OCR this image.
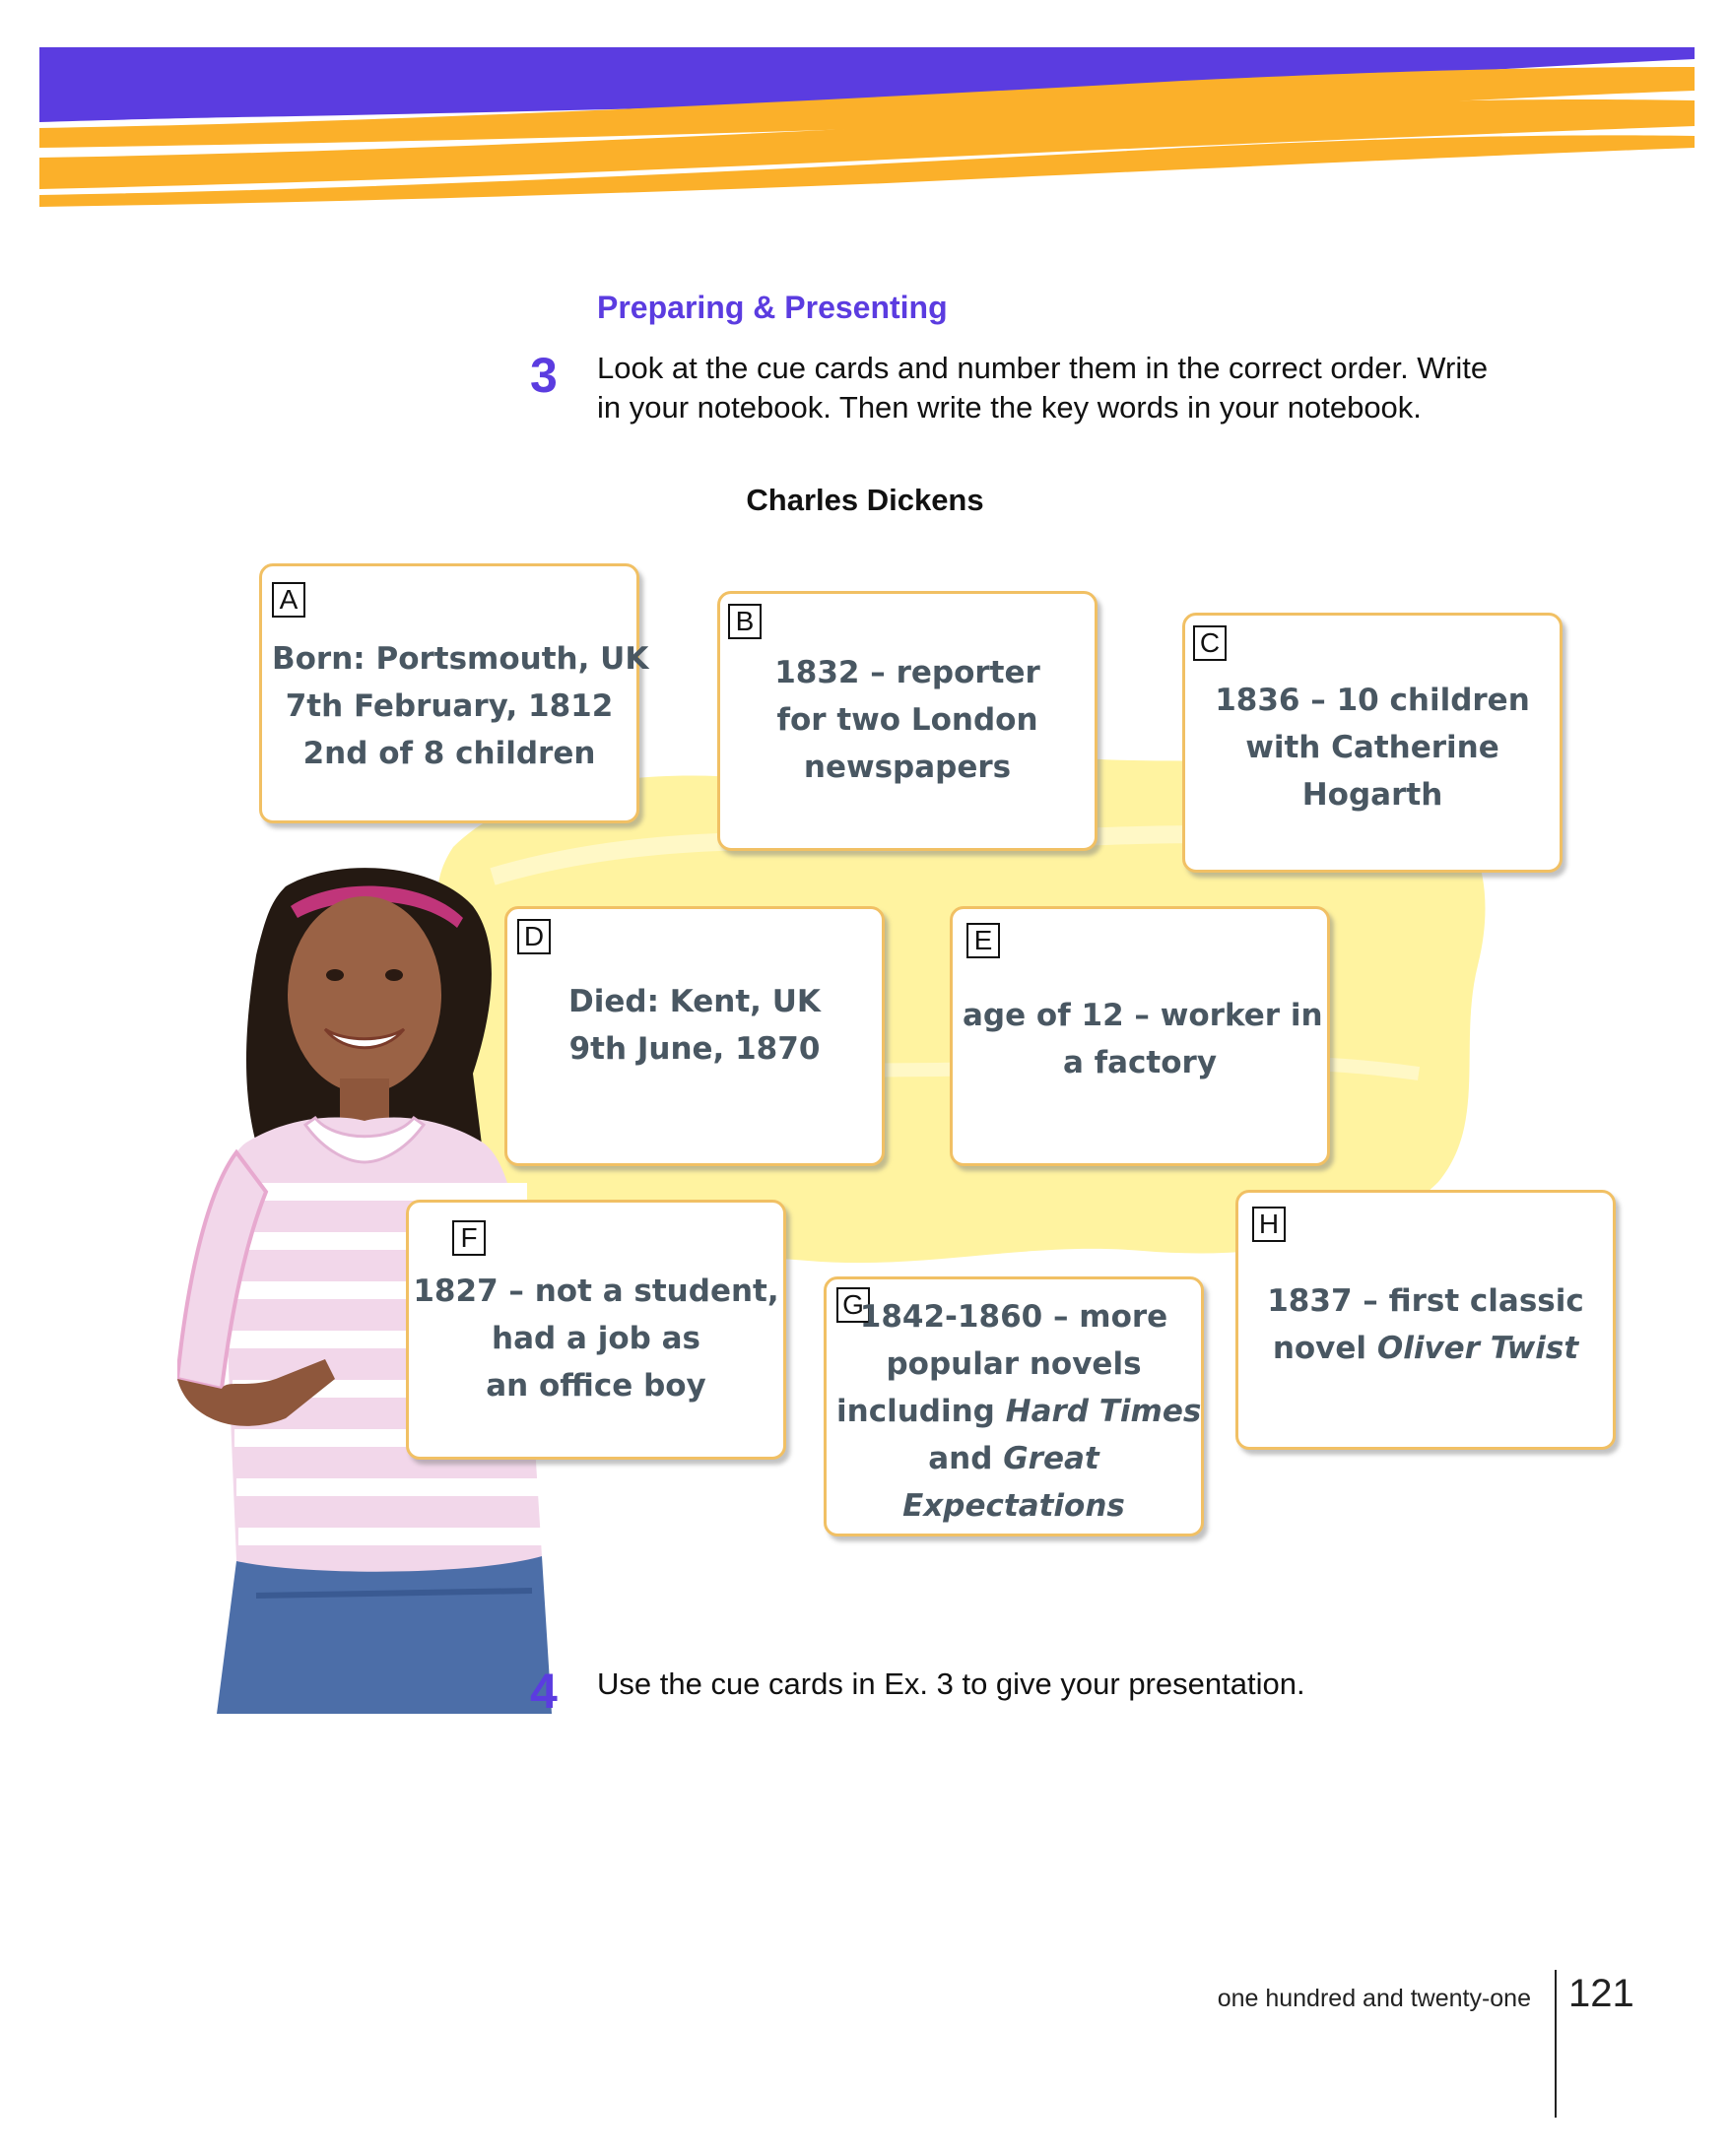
Preparing & Presenting
3 Look at the cue cards and number them in the correct order. Write
in your notebook. Then write the key words in your notebook.
Charles Dickens
A
Born: Portsmouth, UK
7th February, 1812
2nd of 8 children
B
1832 – reporter
for two London
newspapers
C
1836 – 10 children
with Catherine
Hogarth
D
Died: Kent, UK
9th June, 1870
E
age of 12 – worker in
a factory
F
1827 – not a student,
had a job as
an office boy
G
1842-1860 – more
popular novels
including Hard Times
and Great
Expectations
H
1837 – first classic
novel Oliver Twist
4 Use the cue cards in Ex. 3 to give your presentation.
one hundred and twenty-one 121
